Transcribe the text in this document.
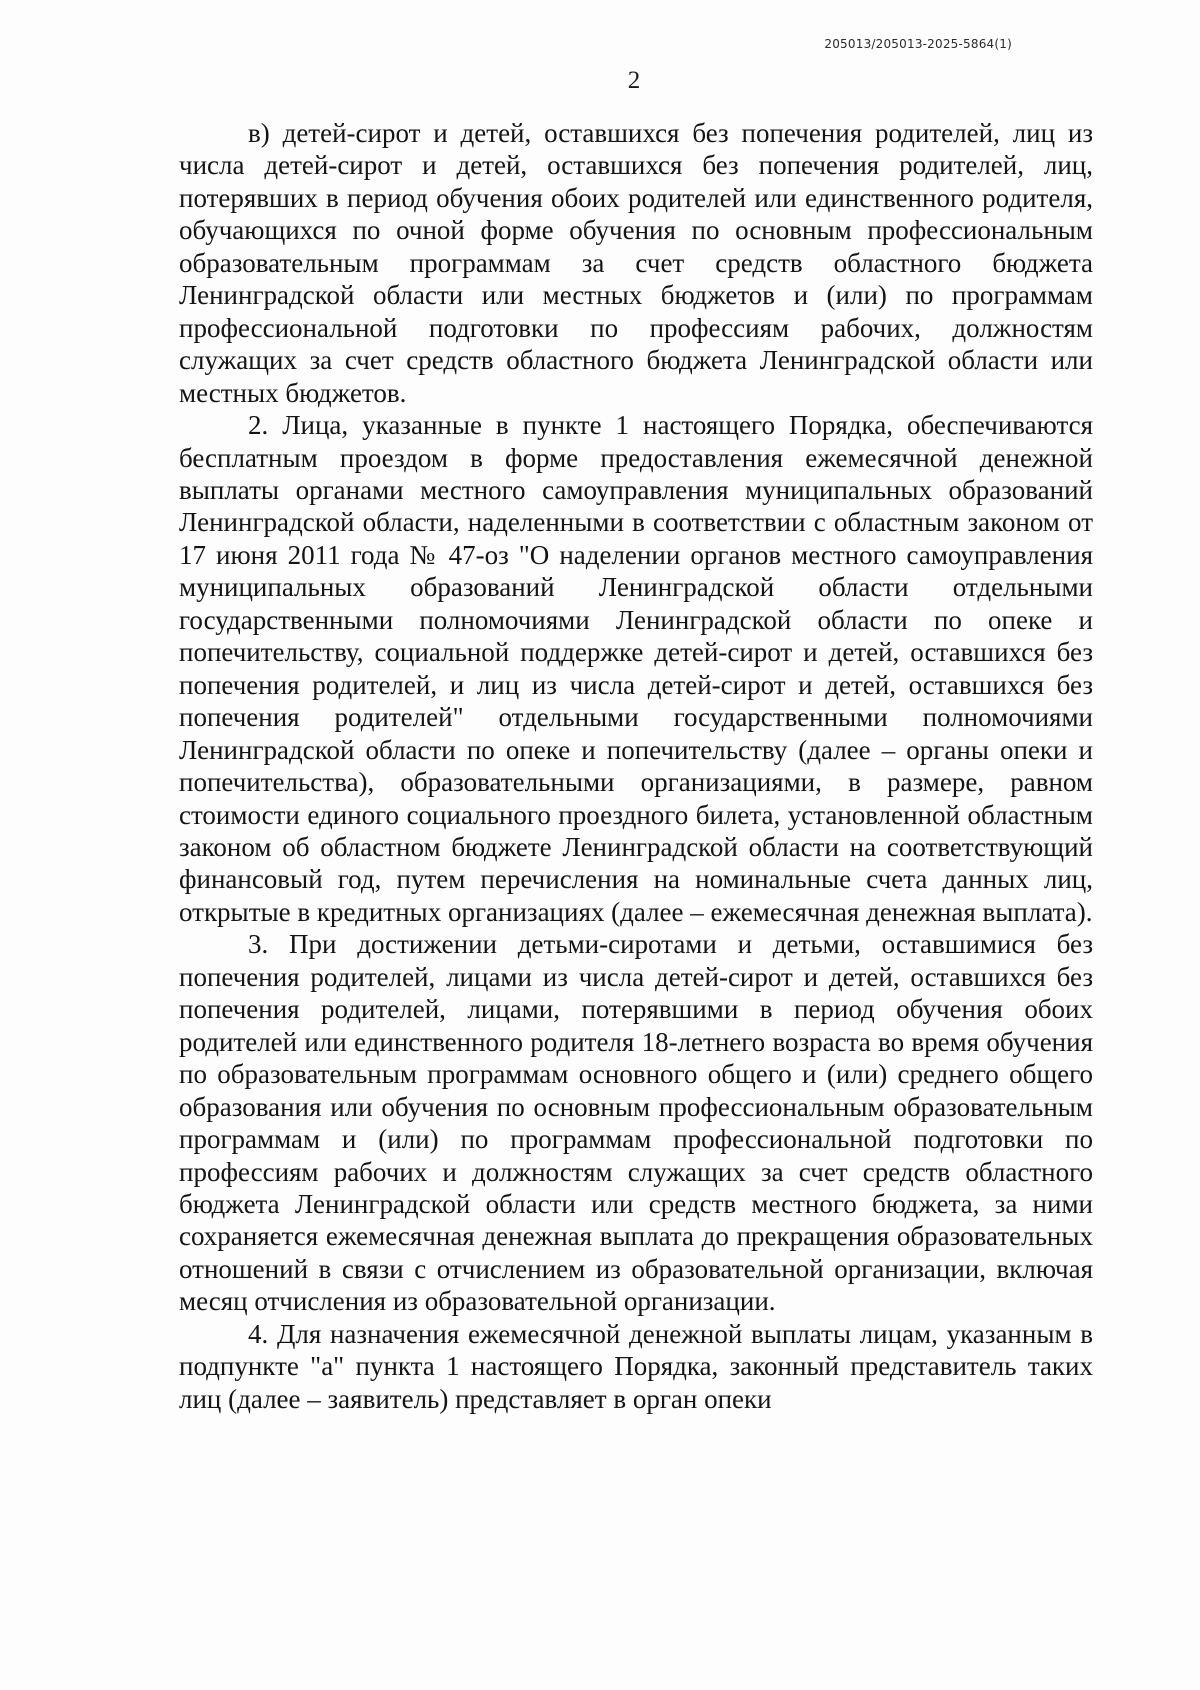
205013/205013-2025-5864(1)
2

в) детей-сирот и детей, оставшихся без попечения родителей, лиц из числа детей-сирот и детей, оставшихся без попечения родителей, лиц, потерявших в период обучения обоих родителей или единственного родителя, обучающихся по очной форме обучения по основным профессиональным образовательным программам за счет средств областного бюджета Ленинградской области или местных бюджетов и (или) по программам профессиональной подготовки по профессиям рабочих, должностям служащих за счет средств областного бюджета Ленинградской области или местных бюджетов.

2. Лица, указанные в пункте 1 настоящего Порядка, обеспечиваются бесплатным проездом в форме предоставления ежемесячной денежной выплаты органами местного самоуправления муниципальных образований Ленинградской области, наделенными в соответствии с областным законом от 17 июня 2011 года № 47-оз "О наделении органов местного самоуправления муниципальных образований Ленинградской области отдельными государственными полномочиями Ленинградской области по опеке и попечительству, социальной поддержке детей-сирот и детей, оставшихся без попечения родителей, и лиц из числа детей-сирот и детей, оставшихся без попечения родителей" отдельными государственными полномочиями Ленинградской области по опеке и попечительству (далее – органы опеки и попечительства), образовательными организациями, в размере, равном стоимости единого социального проездного билета, установленной областным законом об областном бюджете Ленинградской области на соответствующий финансовый год, путем перечисления на номинальные счета данных лиц, открытые в кредитных организациях (далее – ежемесячная денежная выплата).

3. При достижении детьми-сиротами и детьми, оставшимися без попечения родителей, лицами из числа детей-сирот и детей, оставшихся без попечения родителей, лицами, потерявшими в период обучения обоих родителей или единственного родителя 18-летнего возраста во время обучения по образовательным программам основного общего и (или) среднего общего образования или обучения по основным профессиональным образовательным программам и (или) по программам профессиональной подготовки по профессиям рабочих и должностям служащих за счет средств областного бюджета Ленинградской области или средств местного бюджета, за ними сохраняется ежемесячная денежная выплата до прекращения образовательных отношений в связи с отчислением из образовательной организации, включая месяц отчисления из образовательной организации.

4. Для назначения ежемесячной денежной выплаты лицам, указанным в подпункте "а" пункта 1 настоящего Порядка, законный представитель таких лиц (далее – заявитель) представляет в орган опеки
